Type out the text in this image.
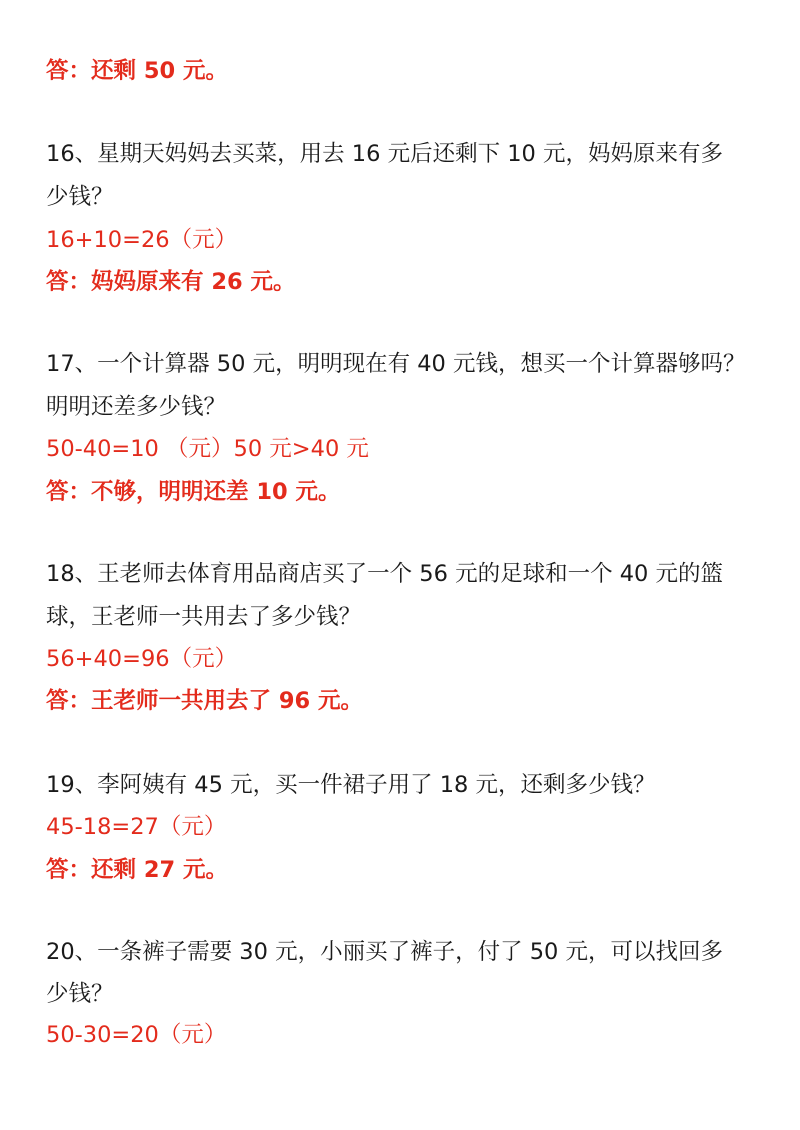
答：还剩 50 元。
16、星期天妈妈去买菜，用去 16 元后还剩下 10 元，妈妈原来有多
少钱？
16+10=26（元）
答：妈妈原来有 26 元。
17、一个计算器 50 元，明明现在有 40 元钱，想买一个计算器够吗？
明明还差多少钱？
50-40=10 （元）50 元>40 元
答：不够，明明还差 10 元。
18、王老师去体育用品商店买了一个 56 元的足球和一个 40 元的篮
球，王老师一共用去了多少钱？
56+40=96（元）
答：王老师一共用去了 96 元。
19、李阿姨有 45 元，买一件裙子用了 18 元，还剩多少钱？
45-18=27（元）
答：还剩 27 元。
20、一条裤子需要 30 元，小丽买了裤子，付了 50 元，可以找回多
少钱？
50-30=20（元）
